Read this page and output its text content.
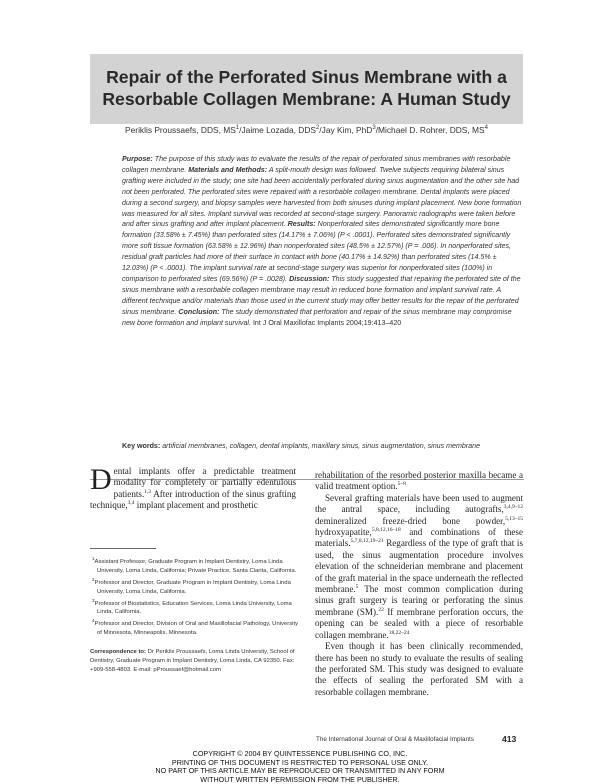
Repair of the Perforated Sinus Membrane with a
Resorbable Collagen Membrane: A Human Study
Periklis Proussaefs, DDS, $MS^1$/Jaime Lozada, DDS$^2$/Jay Kim, PhD$^3$/Michael D. Rohrer, DDS, $MS^4$

Purpose: The purpose of this study was to evaluate the results of the repair of perforated sinus membranes with resorbable collagen membrane. Materials and Methods: A split-mouth design was followed. Twelve subjects requiring bilateral sinus grafting were included in the study; one site had been accidentally perforated during sinus augmentation and the other site had not been perforated. The perforated sites were repaired with a resorbable collagen membrane. Dental implants were placed during a second surgery, and biopsy samples were harvested from both sinuses during implant placement. New bone formation was measured for all sites. Implant survival was recorded at second-stage surgery. Panoramic radiographs were taken before and after sinus grafting and after implant placement. Results: Nonperforated sites demonstrated significantly more bone formation (33.58% ± 7.45%) than perforated sites (14.17% ± 7.06%) (P < .0001). Perforated sites demonstrated significantly more soft tissue formation (63.58% ± 12.96%) than nonperforated sites (48.5% ± 12.57%) (P = .006). In nonperforated sites, residual graft particles had more of their surface in contact with bone (40.17% ± 14.92%) than perforated sites (14.5% ± 12.03%) (P < .0001). The implant survival rate at second-stage surgery was superior for nonperforated sites (100%) in comparison to perforated sites (69.56%) (P = .0028). Discussion: This study suggested that repairing the perforated site of the sinus membrane with a resorbable collagen membrane may result in reduced bone formation and implant survival rate. A different technique and/or materials than those used in the current study may offer better results for the repair of the perforated sinus membrane. Conclusion: The study demonstrated that perforation and repair of the sinus membrane may compromise new bone formation and implant survival. Int J Oral Maxillofac Implants 2004;19:413–420

Key words: artificial membranes, collagen, dental implants, maxillary sinus, sinus augmentation, sinus membrane

Dental implants offer a predictable treatment modality for completely or partially edentulous patients.$^{1,2}$ After introduction of the sinus grafting technique,$^{3,4}$ implant placement and prosthetic

rehabilitation of the resorbed posterior maxilla became a valid treatment option.$^{5-8}$

Several grafting materials have been used to augment the antral space, including autografts,$^{3,4,9-12}$ demineralized freeze-dried bone powder,$^{5,13-15}$ hydroxyapatite,$^{5,8,12,16-18}$ and combinations of these materials.$^{5,7,8,12,19-21}$ Regardless of the type of graft that is used, the sinus augmentation procedure involves elevation of the schneiderian membrane and placement of the graft material in the space underneath the reflected membrane.$^5$ The most common complication during sinus graft surgery is tearing or perforating the sinus membrane (SM).$^{22}$ If membrane perforation occurs, the opening can be sealed with a piece of resorbable collagen membrane.$^{18,22-24}$

Even though it has been clinically recommended, there has been no study to evaluate the results of sealing the perforated SM. This study was designed to evaluate the effects of sealing the perforated SM with a resorbable collagen membrane.

$^1$Assistant Professor, Graduate Program in Implant Dentistry, Loma Linda University, Loma Linda, California; Private Practice, Santa Clarita, California.

$^2$Professor and Director, Graduate Program in Implant Dentistry, Loma Linda University, Loma Linda, California.

$^3$Professor of Biostatistics, Education Services, Loma Linda University, Loma Linda, California.

$^4$Professor and Director, Division of Oral and Maxillofacial Pathology, University of Minnesota, Minneapolis, Minnesota.

Correspondence to: Dr Periklis Proussaefs, Loma Linda University, School of Dentistry, Graduate Program in Implant Dentistry, Loma Linda, CA 92350. Fax: +909-558-4803. E-mail: pProussaef@hotmail.com

The International Journal of Oral & Maxillofacial Implants	413
COPYRIGHT © 2004 BY QUINTESSENCE PUBLISHING CO, INC.
PRINTING OF THIS DOCUMENT IS RESTRICTED TO PERSONAL USE ONLY.
NO PART OF THIS ARTICLE MAY BE REPRODUCED OR TRANSMITTED IN ANY FORM
WITHOUT WRITTEN PERMISSION FROM THE PUBLISHER.
